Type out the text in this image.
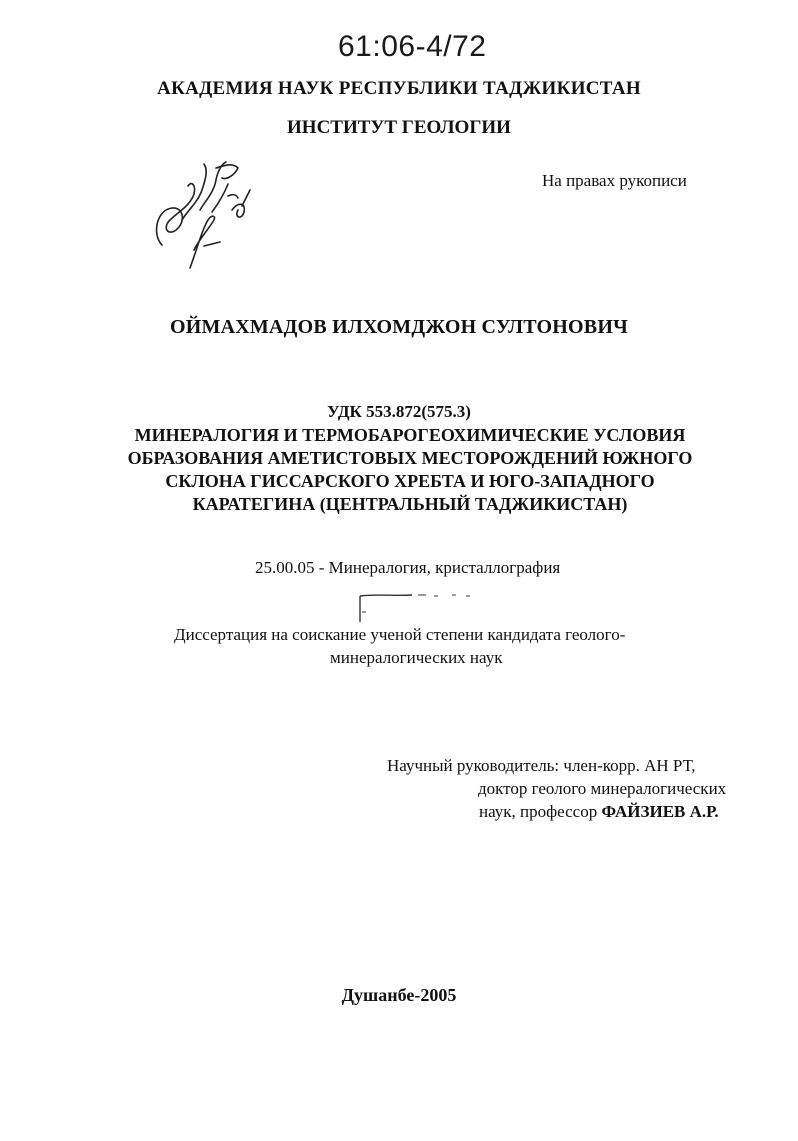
61:06-4/72
АКАДЕМИЯ НАУК РЕСПУБЛИКИ ТАДЖИКИСТАН
ИНСТИТУТ ГЕОЛОГИИ
На правах рукописи
ОЙМАХМАДОВ ИЛХОМДЖОН СУЛТОНОВИЧ
УДК 553.872(575.3)
МИНЕРАЛОГИЯ И ТЕРМОБАРОГЕОХИМИЧЕСКИЕ УСЛОВИЯ
ОБРАЗОВАНИЯ АМЕТИСТОВЫХ МЕСТОРОЖДЕНИЙ ЮЖНОГО
СКЛОНА ГИССАРСКОГО ХРЕБТА И ЮГО-ЗАПАДНОГО
КАРАТЕГИНА (ЦЕНТРАЛЬНЫЙ ТАДЖИКИСТАН)
25.00.05 - Минералогия, кристаллография
Диссертация на соискание ученой степени кандидата геолого-
минералогических наук
Научный руководитель: член-корр. АН РТ,
доктор геолого минералогических
наук, профессор ФАЙЗИЕВ А.Р.
Душанбе-2005
